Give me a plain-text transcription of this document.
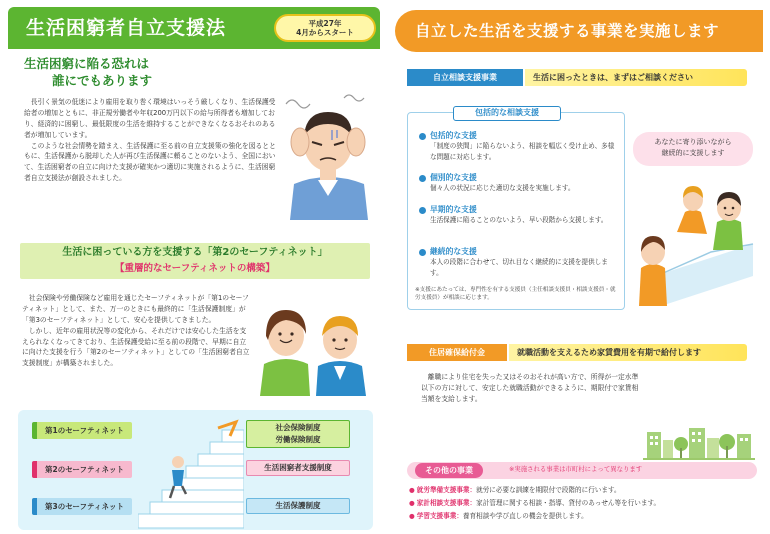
生活困窮者自立支援法	平成27年
4月からスタート
生活困窮に陥る恐れは
誰にでもあります

長引く景気の低迷により雇用を取り巻く環境はいっそう厳しくなり、生活保護受給者の増加とともに、非正規労働者や年収200万円以下の給与所得者も増加しており、経済的に困窮し、最低限度の生活を維持することができなくなるおそれのある者が増加しています。

このような社会情勢を踏まえ、生活保護に至る前の自立支援策の強化を図るとともに、生活保護から脱却した人が再び生活保護に頼ることのないよう、全国において、生活困窮者の自立に向けた支援が確実かつ適切に実施されるように、生活困窮者自立支援法が創設されました。

生活に困っている方を支援する「第2のセーフティネット」
【重層的なセーフティネットの構築】

社会保険や労働保険など雇用を通じたセーフティネットが「第1のセーフティネット」として、また、万一のときにも最終的に「生活保護制度」が「第3のセーフティネット」として、安心を提供してきました。

しかし、近年の雇用状況等の変化から、それだけでは安心した生活を支えられなくなってきており、生活保護受給に至る前の段階で、早期に自立に向けた支援を行う「第2のセーフティネット」としての「生活困窮者自立支援制度」が構築されました。

第1のセーフティネット
第2のセーフティネット
第3のセーフティネット
社会保険制度
労働保険制度
生活困窮者支援制度
生活保護制度
自立した生活を支援する事業を実施します
自立相談支援事業	生活に困ったときは、まずはご相談ください
包括的な相談支援
包括的な支援
「制度の狭間」に陥らないよう、相談を幅広く受け止め、多様な問題に対応します。
個別的な支援
個々人の状況に応じた適切な支援を実施します。
早期的な支援
生活保護に陥ることのないよう、早い段階から支援します。
継続的な支援
本人の段階に合わせて、切れ目なく継続的に支援を提供します。
※支援にあたっては、専門性を有する支援員（主任相談支援員・相談支援員・就労支援員）が相談に応じます。
あなたに寄り添いながら
継続的に支援します
住居確保給付金	就職活動を支えるため家賃費用を有期で給付します

離職により住宅を失った又はそのおそれが高い方で、所得が一定水準以下の方に対して、安定した就職活動ができるように、期限付で家賃相当額を支給します。

その他の事業	※実施される事業は市町村によって異なります
● 就労準備支援事業：就労に必要な訓練を期限付で段階的に行います。
● 家計相談支援事業：家計管理に関する相談・指導、貸付のあっせん等を行います。
● 学習支援事業：養育相談や学び直しの機会を提供します。
